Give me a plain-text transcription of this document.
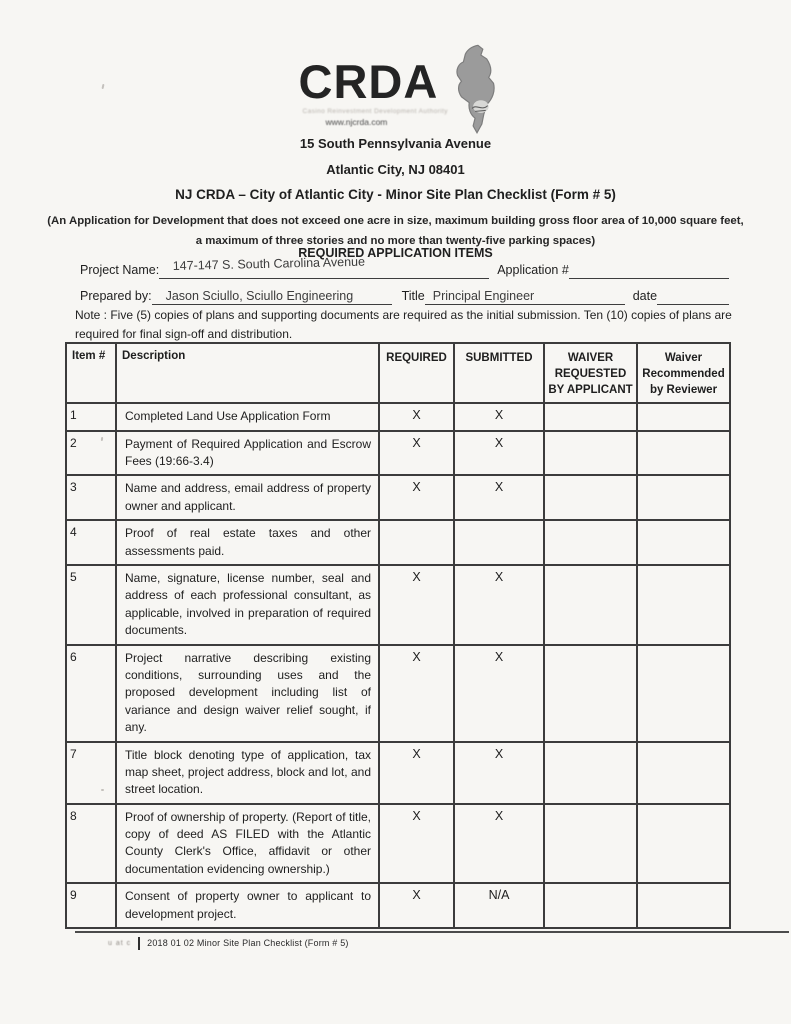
CRDA
Casino Reinvestment Development Authority
www.njcrda.com
15 South Pennsylvania Avenue
Atlantic City, NJ 08401
NJ CRDA – City of Atlantic City - Minor Site Plan Checklist (Form # 5)
(An Application for Development that does not exceed one acre in size, maximum building gross floor area of 10,000 square feet, a maximum of three stories and no more than twenty-five parking spaces)
REQUIRED APPLICATION ITEMS
Project Name: 147-147 S. South Carolina Avenue	Application #
Prepared by: Jason Sciullo, Sciullo Engineering	Title Principal Engineer	date
Note : Five (5) copies of plans and supporting documents are required as the initial submission. Ten (10) copies of plans are required for final sign-off and distribution.
Item #	Description	REQUIRED	SUBMITTED	WAIVER REQUESTED BY APPLICANT	Waiver Recommended by Reviewer
1	Completed Land Use Application Form	X	X		
2	Payment of Required Application and Escrow Fees (19:66-3.4)	X	X		
3	Name and address, email address of property owner and applicant.	X	X		
4	Proof of real estate taxes and other assessments paid.				
5	Name, signature, license number, seal and address of each professional consultant, as applicable, involved in preparation of required documents.	X	X		
6	Project narrative describing existing conditions, surrounding uses and the proposed development including list of variance and design waiver relief sought, if any.	X	X		
7	Title block denoting type of application, tax map sheet, project address, block and lot, and street location.	X	X		
8	Proof of ownership of property. (Report of title, copy of deed AS FILED with the Atlantic County Clerk's Office, affidavit or other documentation evidencing ownership.)	X	X		
9	Consent of property owner to applicant to development project.	X	N/A		
u at c 2018 01 02 Minor Site Plan Checklist (Form # 5)
